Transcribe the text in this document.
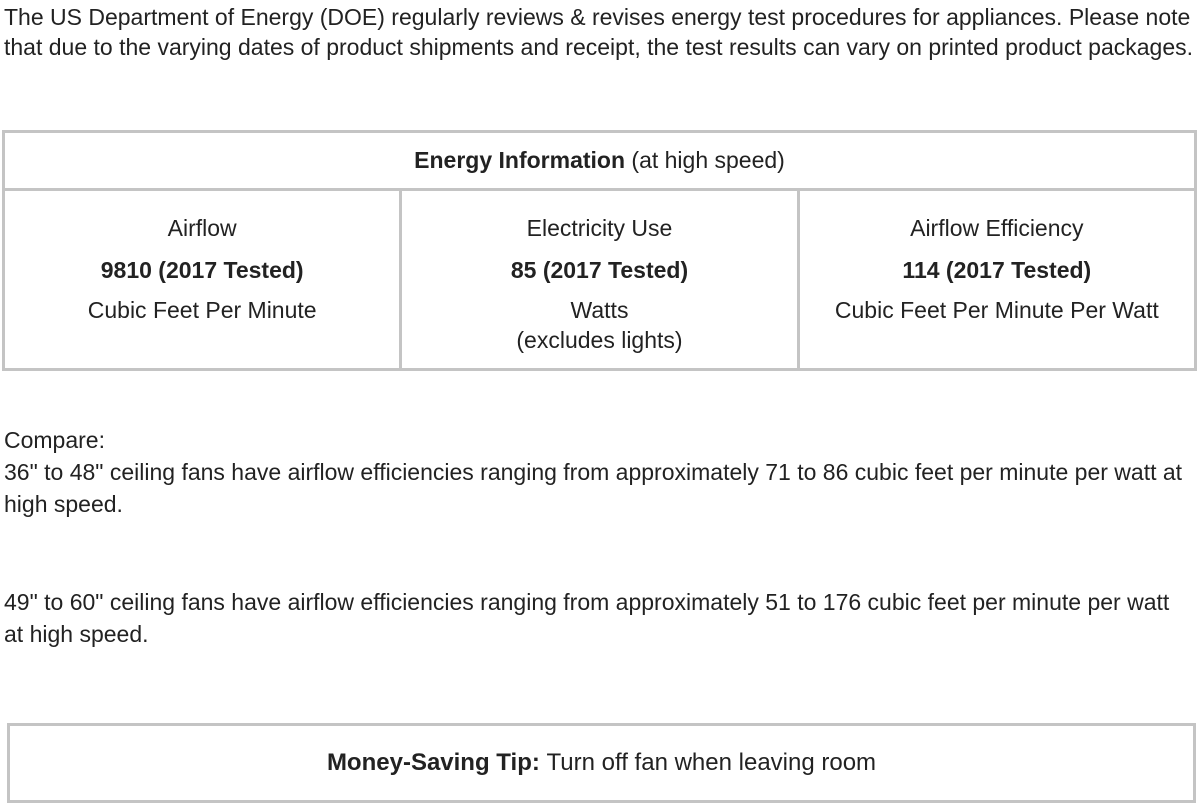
The US Department of Energy (DOE) regularly reviews & revises energy test procedures for appliances. Please note that due to the varying dates of product shipments and receipt, the test results can vary on printed product packages.

Energy Information
(at high speed)
Airflow
9810 (2017 Tested)
Cubic Feet Per Minute
Electricity Use
85 (2017 Tested)
Watts
(excludes lights)
Airflow Efficiency
114 (2017 Tested)
Cubic Feet Per Minute Per Watt

Compare:

36" to 48" ceiling fans have airflow efficiencies ranging from approximately 71 to 86 cubic feet per minute per watt at high speed.

49" to 60" ceiling fans have airflow efficiencies ranging from approximately 51 to 176 cubic feet per minute per watt at high speed.

Money-Saving Tip:
Turn off fan when leaving room
